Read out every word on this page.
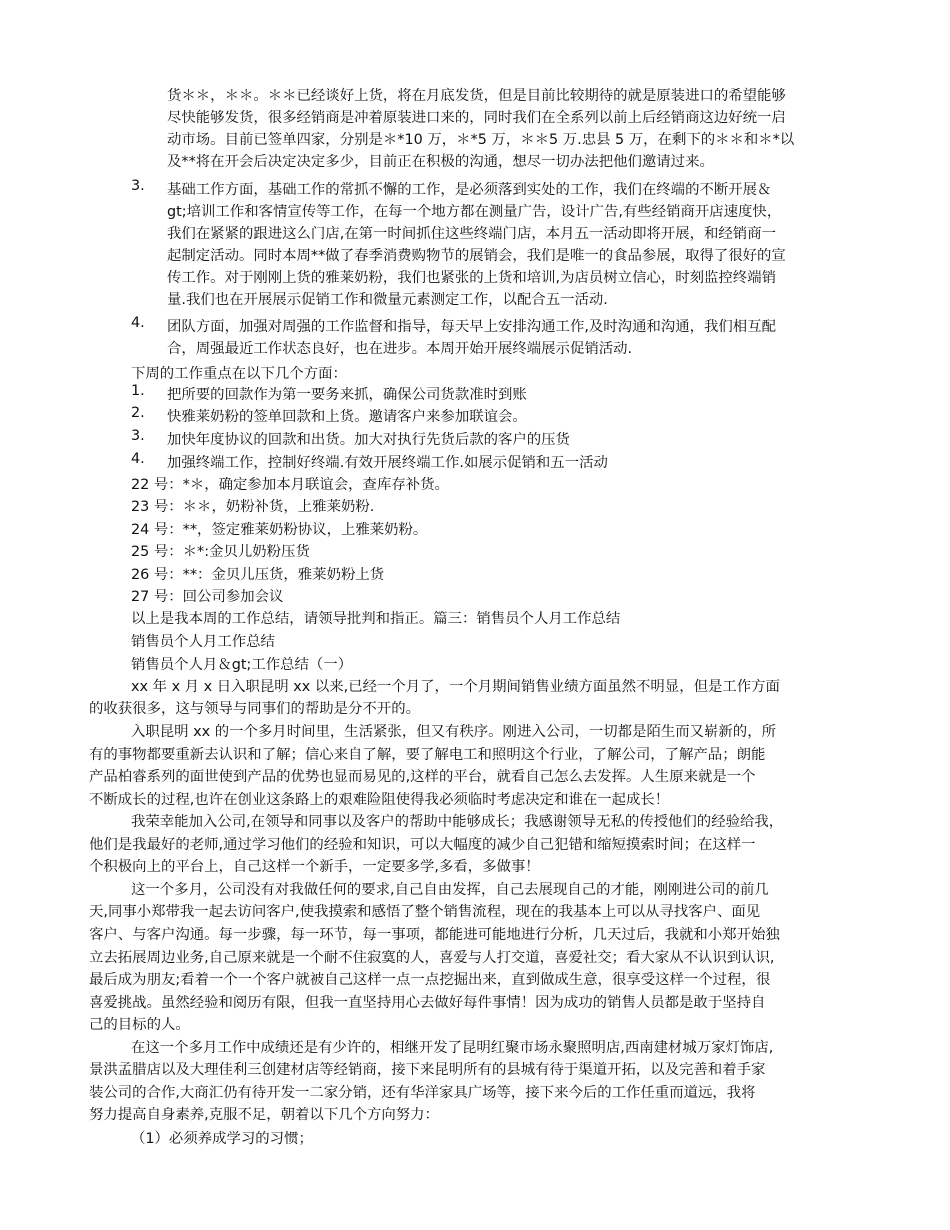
货＊＊，＊＊。＊＊已经谈好上货，将在月底发货，但是目前比较期待的就是原装进口的希望能够
尽快能够发货，很多经销商是冲着原装进口来的，同时我们在全系列以前上后经销商这边好统一启
动市场。目前已签单四家，分别是＊*10 万，＊*5 万，＊＊5 万.忠县 5 万，在剩下的＊＊和＊*以
及**将在开会后决定决定多少，目前正在积极的沟通，想尽一切办法把他们邀请过来。
3. 基础工作方面，基础工作的常抓不懈的工作，是必须落到实处的工作，我们在终端的不断开展＆
gt;培训工作和客情宣传等工作，在每一个地方都在测量广告，设计广告,有些经销商开店速度快，
我们在紧紧的跟进这么门店,在第一时间抓住这些终端门店，本月五一活动即将开展，和经销商一
起制定活动。同时本周**做了春季消费购物节的展销会，我们是唯一的食品参展，取得了很好的宣
传工作。对于刚刚上货的雅莱奶粉，我们也紧张的上货和培训,为店员树立信心，时刻监控终端销
量.我们也在开展展示促销工作和微量元素测定工作，以配合五一活动.
4. 团队方面，加强对周强的工作监督和指导，每天早上安排沟通工作,及时沟通和沟通，我们相互配
合，周强最近工作状态良好，也在进步。本周开始开展终端展示促销活动.
下周的工作重点在以下几个方面：
1. 把所要的回款作为第一要务来抓，确保公司货款准时到账
2. 快雅莱奶粉的签单回款和上货。邀请客户来参加联谊会。
3. 加快年度协议的回款和出货。加大对执行先货后款的客户的压货
4. 加强终端工作，控制好终端.有效开展终端工作.如展示促销和五一活动
22 号：*＊，确定参加本月联谊会，查库存补货。
23 号：＊＊，奶粉补货，上雅莱奶粉.
24 号：**，签定雅莱奶粉协议，上雅莱奶粉。
25 号：＊*:金贝儿奶粉压货
26 号：**：金贝儿压货，雅莱奶粉上货
27 号：回公司参加会议
以上是我本周的工作总结，请领导批判和指正。篇三：销售员个人月工作总结
销售员个人月工作总结
销售员个人月＆gt;工作总结（一）
xx 年 x 月 x 日入职昆明 xx 以来,已经一个月了，一个月期间销售业绩方面虽然不明显，但是工作方面
的收获很多，这与领导与同事们的帮助是分不开的。
入职昆明 xx 的一个多月时间里，生活紧张，但又有秩序。刚进入公司，一切都是陌生而又崭新的，所
有的事物都要重新去认识和了解；信心来自了解，要了解电工和照明这个行业，了解公司，了解产品；朗能
产品柏睿系列的面世使到产品的优势也显而易见的,这样的平台，就看自己怎么去发挥。人生原来就是一个
不断成长的过程,也许在创业这条路上的艰难险阻使得我必须临时考虑决定和谁在一起成长！
我荣幸能加入公司,在领导和同事以及客户的帮助中能够成长；我感谢领导无私的传授他们的经验给我，
他们是我最好的老师,通过学习他们的经验和知识，可以大幅度的减少自己犯错和缩短摸索时间；在这样一
个积极向上的平台上，自己这样一个新手，一定要多学,多看，多做事！
这一个多月，公司没有对我做任何的要求,自己自由发挥，自己去展现自己的才能，刚刚进公司的前几
天,同事小郑带我一起去访问客户,使我摸索和感悟了整个销售流程，现在的我基本上可以从寻找客户、面见
客户、与客户沟通。每一步骤，每一环节，每一事项，都能进可能地进行分析，几天过后，我就和小郑开始独
立去拓展周边业务,自己原来就是一个耐不住寂寞的人，喜爱与人打交道，喜爱社交；看大家从不认识到认识,
最后成为朋友;看着一个一个客户就被自己这样一点一点挖掘出来，直到做成生意，很享受这样一个过程，很
喜爱挑战。虽然经验和阅历有限，但我一直坚持用心去做好每件事情！因为成功的销售人员都是敢于坚持自
己的目标的人。
在这一个多月工作中成绩还是有少许的，相继开发了昆明红聚市场永聚照明店,西南建材城万家灯饰店,
景洪孟腊店以及大理佳利三创建材店等经销商，接下来昆明所有的县城有待于渠道开拓，以及完善和着手家
装公司的合作,大商汇仍有待开发一二家分销，还有华洋家具广场等，接下来今后的工作任重而道远，我将
努力提高自身素养,克服不足，朝着以下几个方向努力：
（1）必须养成学习的习惯；
